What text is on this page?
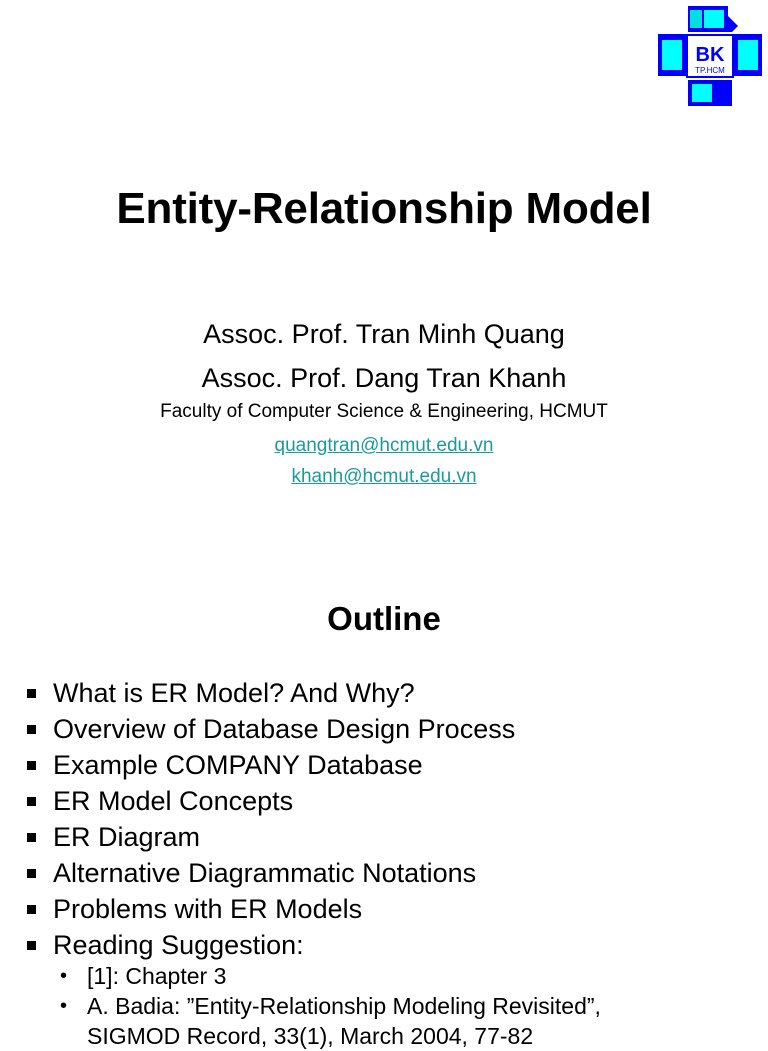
BK
TP.HCM
Entity-Relationship Model
Assoc. Prof. Tran Minh Quang
Assoc. Prof. Dang Tran Khanh
Faculty of Computer Science & Engineering, HCMUT
quangtran@hcmut.edu.vn
khanh@hcmut.edu.vn
Outline
What is ER Model? And Why?
Overview of Database Design Process
Example COMPANY Database
ER Model Concepts
ER Diagram
Alternative Diagrammatic Notations
Problems with ER Models
Reading Suggestion:
• [1]: Chapter 3
• A. Badia: ”Entity-Relationship Modeling Revisited”,
SIGMOD Record, 33(1), March 2004, 77-82
